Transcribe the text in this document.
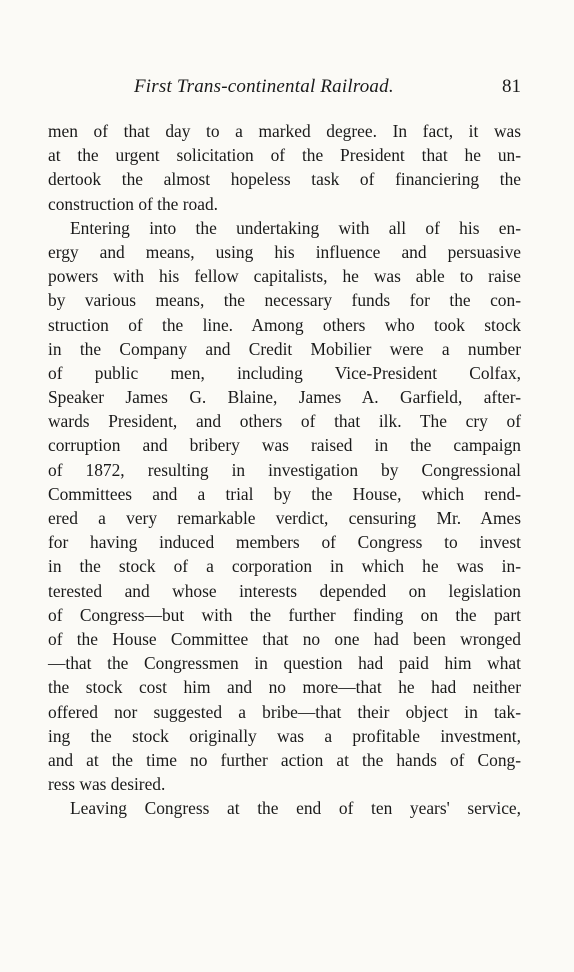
First Trans-continental Railroad.	81
men of that day to a marked degree. In fact, it was
at the urgent solicitation of the President that he un-
dertook the almost hopeless task of financiering the
construction of the road.
Entering into the undertaking with all of his en-
ergy and means, using his influence and persuasive
powers with his fellow capitalists, he was able to raise
by various means, the necessary funds for the con-
struction of the line. Among others who took stock
in the Company and Credit Mobilier were a number
of public men, including Vice-President Colfax,
Speaker James G. Blaine, James A. Garfield, after-
wards President, and others of that ilk. The cry of
corruption and bribery was raised in the campaign
of 1872, resulting in investigation by Congressional
Committees and a trial by the House, which rend-
ered a very remarkable verdict, censuring Mr. Ames
for having induced members of Congress to invest
in the stock of a corporation in which he was in-
terested and whose interests depended on legislation
of Congress—but with the further finding on the part
of the House Committee that no one had been wronged
—that the Congressmen in question had paid him what
the stock cost him and no more—that he had neither
offered nor suggested a bribe—that their object in tak-
ing the stock originally was a profitable investment,
and at the time no further action at the hands of Cong-
ress was desired.
Leaving Congress at the end of ten years' service,
